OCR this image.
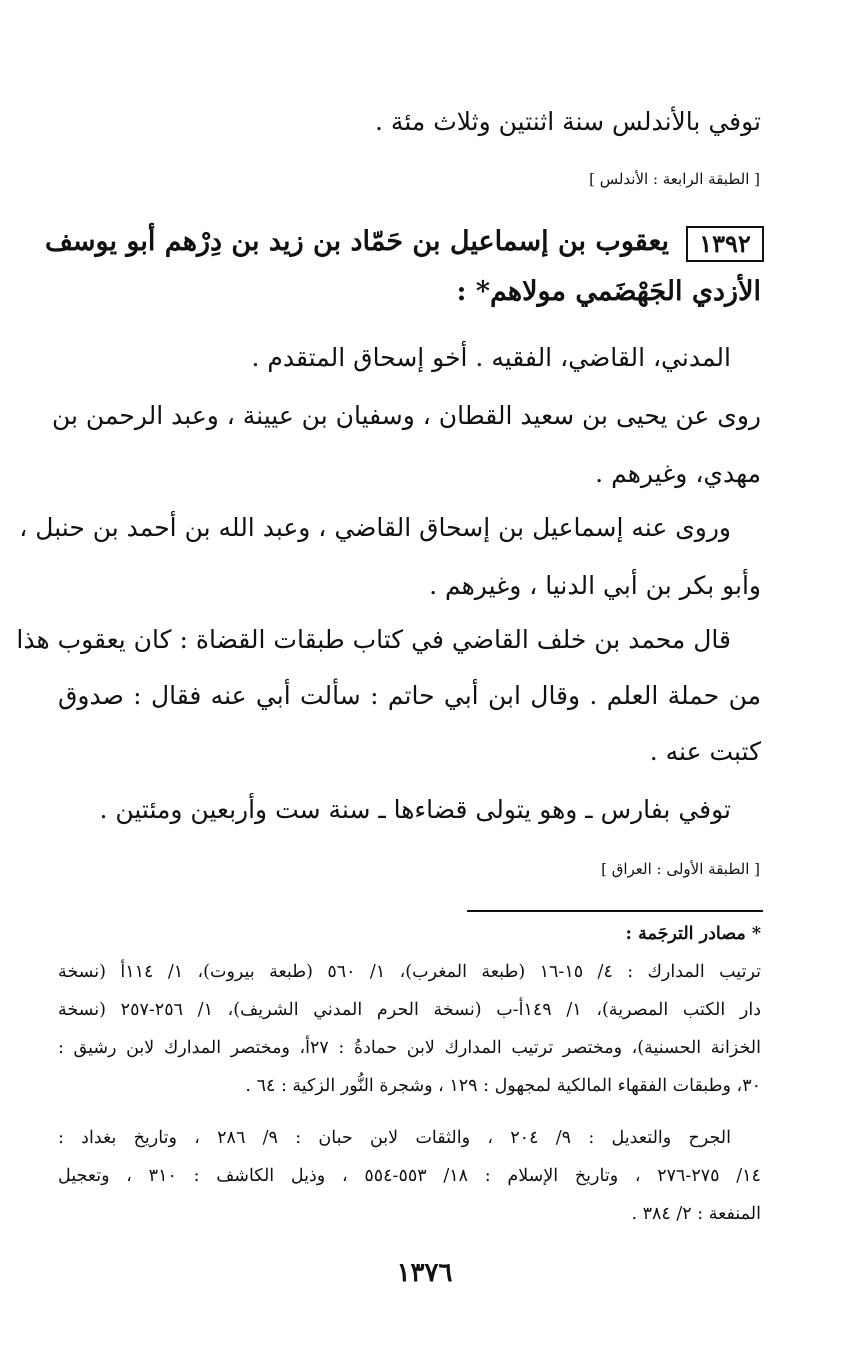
توفي بالأندلس سنة اثنتين وثلاث مئة .
[ الطبقة الرابعة : الأندلس ]
١٣٩٢
يعقوب بن إسماعيل بن حَمّاد بن زيد بن دِرْهم أبو يوسف
الأزدي الجَهْضَمي مولاهم* :
المدني، القاضي، الفقيه . أخو إسحاق المتقدم .
روى عن يحيى بن سعيد القطان ، وسفيان بن عيينة ، وعبد الرحمن بن
مهدي، وغيرهم .
وروى عنه إسماعيل بن إسحاق القاضي ، وعبد الله بن أحمد بن حنبل ،
وأبو بكر بن أبي الدنيا ، وغيرهم .
قال محمد بن خلف القاضي في كتاب طبقات القضاة : كان يعقوب هذا
من حملة العلم . وقال ابن أبي حاتم : سألت أبي عنه فقال : صدوق
كتبت عنه .
توفي بفارس ـ وهو يتولى قضاءها ـ سنة ست وأربعين ومئتين .
[ الطبقة الأولى : العراق ]
* مصادر الترجَمة :
ترتيب المدارك : ٤/ ١٥-١٦ (طبعة المغرب)، ١/ ٥٦٠ (طبعة بيروت)، ١/ ١١٤أ (نسخة
دار الكتب المصرية)، ١/ ١٤٩أ-ب (نسخة الحرم المدني الشريف)، ١/ ٢٥٦-٢٥٧ (نسخة
الخزانة الحسنية)، ومختصر ترتيب المدارك لابن حمادةُ : ٢٧أ، ومختصر المدارك لابن رشيق :
٣٠، وطبقات الفقهاء المالكية لمجهول : ١٢٩ ، وشجرة النُّور الزكية : ٦٤ .
الجرح والتعديل : ٩/ ٢٠٤ ، والثقات لابن حبان : ٩/ ٢٨٦ ، وتاريخ بغداد :
١٤/ ٢٧٥-٢٧٦ ، وتاريخ الإسلام : ١٨/ ٥٥٣-٥٥٤ ، وذيل الكاشف : ٣١٠ ، وتعجيل
المنفعة : ٢/ ٣٨٤ .
١٣٧٦
